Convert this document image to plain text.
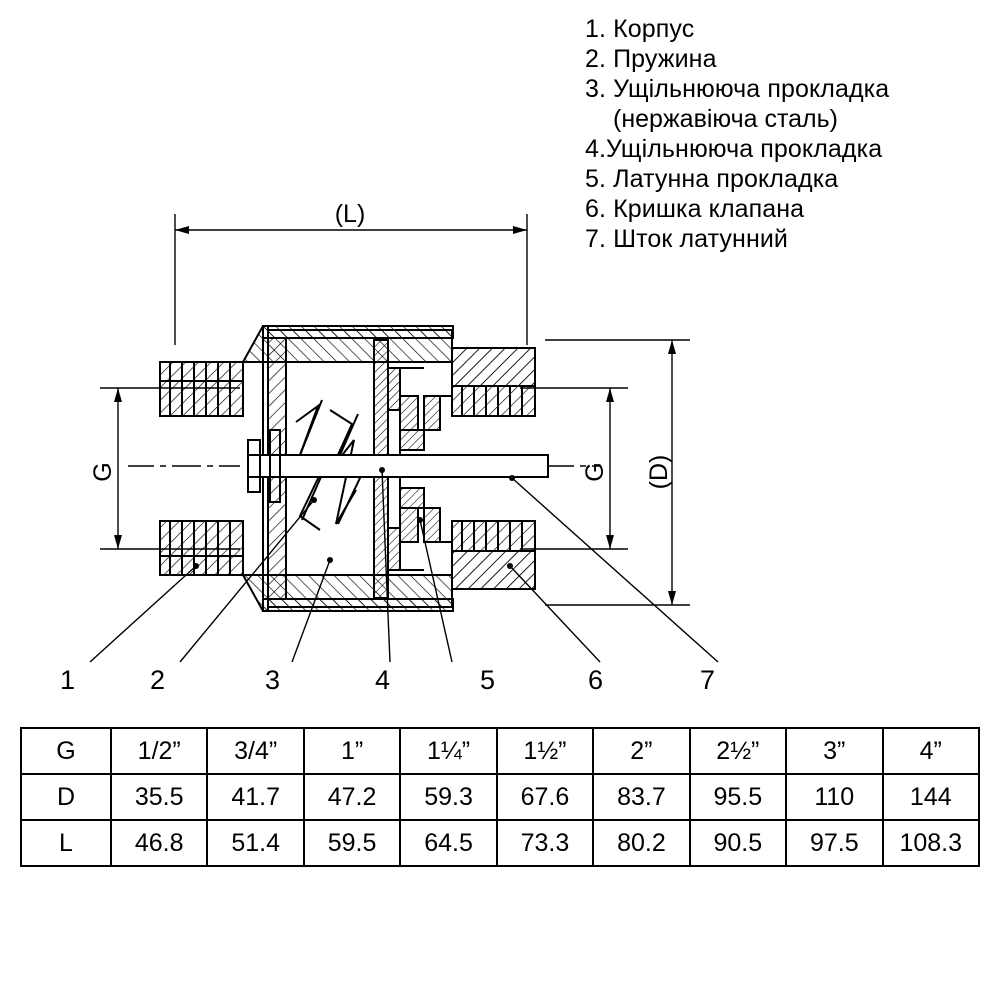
1. Корпус
2. Пружина
3. Ущільнююча прокладка
(нержавіюча сталь)
4.Ущільнююча прокладка
5. Латунна прокладка
6. Кришка клапана
7. Шток латунний
(L)
(D)
G	G
1	2	3	4	5	6	7
G	1/2”	3/4”	1”	1¼”	1½”	2”	2½”	3”	4”
D	35.5	41.7	47.2	59.3	67.6	83.7	95.5	110	144
L	46.8	51.4	59.5	64.5	73.3	80.2	90.5	97.5	108.3
